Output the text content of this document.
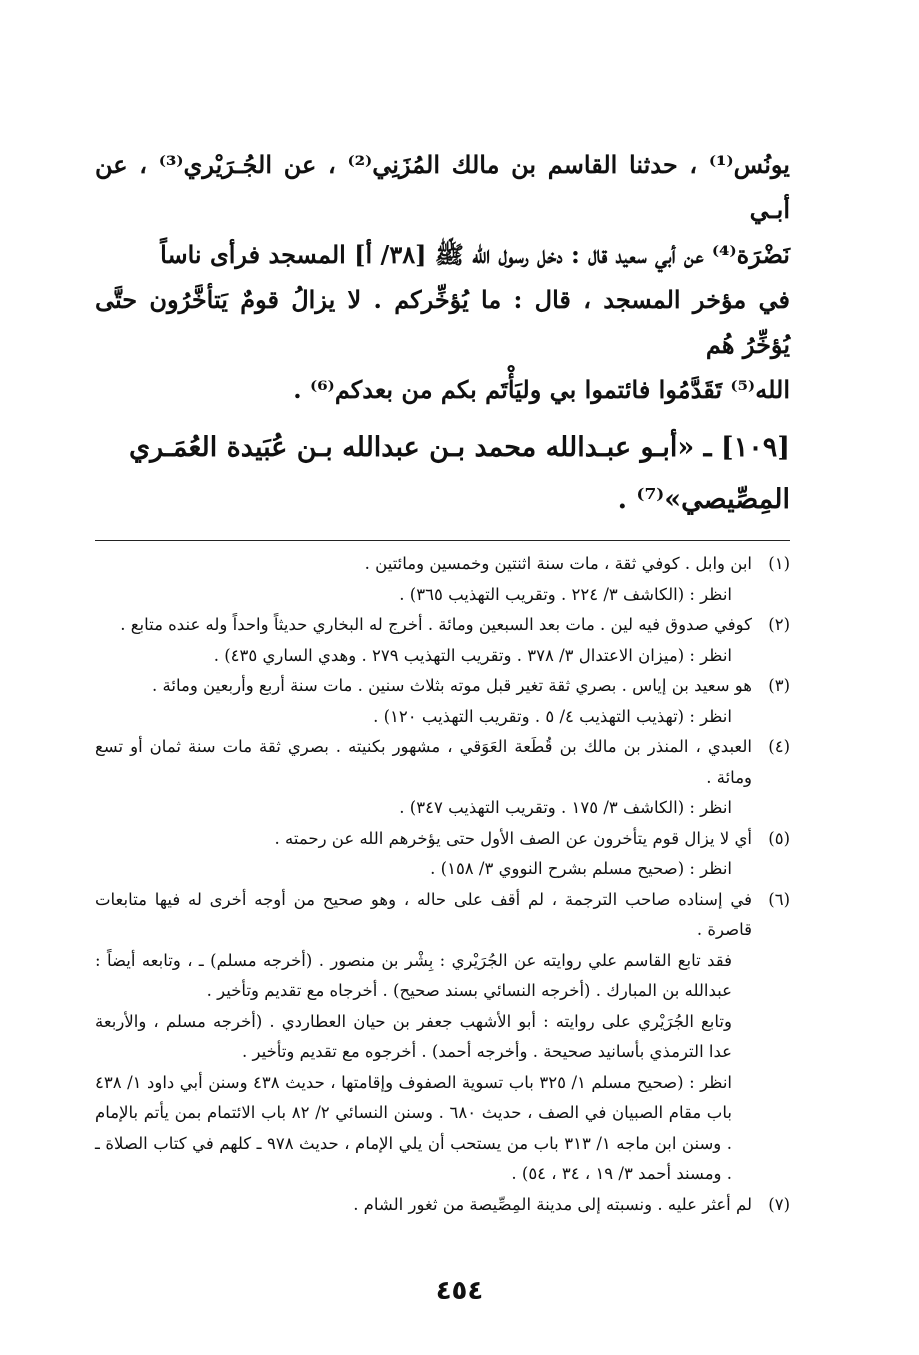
يونُس⁽¹⁾ ، حدثنا القاسم بن مالك المُزَنِي⁽²⁾ ، عن الجُـرَيْري⁽³⁾ ، عن أبـي

نَضْرَة⁽⁴⁾ عن أبي سعيد قال : دخل رسول الله ﷺ [٣٨/ أ] المسجد فرأى ناساً

في مؤخر المسجد ، قال : ما يُؤخِّركم . لا يزالُ قومٌ يَتأخَّرُون حتَّى يُؤخِّرُ هُم

الله⁽⁵⁾ تَقَدَّمُوا فائتموا بي وليَأْتَم بكم من بعدكم⁽⁶⁾ .

[١٠٩] ـ «أبـو عبـدالله محمد بـن عبدالله بـن عُبَيدة العُمَـري
المِصِّيصي»⁽⁷⁾ .
(١)
ابن وابل . كوفي ثقة ، مات سنة اثنتين وخمسين ومائتين .
انظر : (الكاشف ٣/ ٢٢٤ . وتقريب التهذيب ٣٦٥) .
(٢)
كوفي صدوق فيه لين . مات بعد السبعين ومائة . أخرج له البخاري حديثاً واحداً وله عنده متابع .
انظر : (ميزان الاعتدال ٣/ ٣٧٨ . وتقريب التهذيب ٢٧٩ . وهدي الساري ٤٣٥) .
(٣)
هو سعيد بن إياس . بصري ثقة تغير قبل موته بثلاث سنين . مات سنة أربع وأربعين ومائة .
انظر : (تهذيب التهذيب ٤/ ٥ . وتقريب التهذيب ١٢٠) .
(٤)
العبدي ، المنذر بن مالك بن قُطَعة العَوَقي ، مشهور بكنيته . بصري ثقة مات سنة ثمان أو تسع ومائة .
انظر : (الكاشف ٣/ ١٧٥ . وتقريب التهذيب ٣٤٧) .
(٥)
أي لا يزال قوم يتأخرون عن الصف الأول حتى يؤخرهم الله عن رحمته .
انظر : (صحيح مسلم بشرح النووي ٣/ ١٥٨) .
(٦)
في إسناده صاحب الترجمة ، لم أقف على حاله ، وهو صحيح من أوجه أخرى له فيها متابعات قاصرة .
فقد تابع القاسم علي روايته عن الجُرَيْري : بِشْر بن منصور . (أخرجه مسلم) ـ ، وتابعه أيضاً : عبدالله بن المبارك . (أخرجه النسائي بسند صحيح) . أخرجاه مع تقديم وتأخير .
وتابع الجُرَيْري على روايته : أبو الأشهب جعفر بن حيان العطاردي . (أخرجه مسلم ، والأربعة عدا الترمذي بأسانيد صحيحة . وأخرجه أحمد) . أخرجوه مع تقديم وتأخير .
انظر : (صحيح مسلم ١/ ٣٢٥ باب تسوية الصفوف وإقامتها ، حديث ٤٣٨ وسنن أبي داود ١/ ٤٣٨ باب مقام الصبيان في الصف ، حديث ٦٨٠ . وسنن النسائي ٢/ ٨٢ باب الائتمام بمن يأتم بالإمام . وسنن ابن ماجه ١/ ٣١٣ باب من يستحب أن يلي الإمام ، حديث ٩٧٨ ـ كلهم في كتاب الصلاة ـ . ومسند أحمد ٣/ ١٩ ، ٣٤ ، ٥٤) .
(٧)
لم أعثر عليه . ونسبته إلى مدينة المِصِّيصة من ثغور الشام .
٤٥٤
